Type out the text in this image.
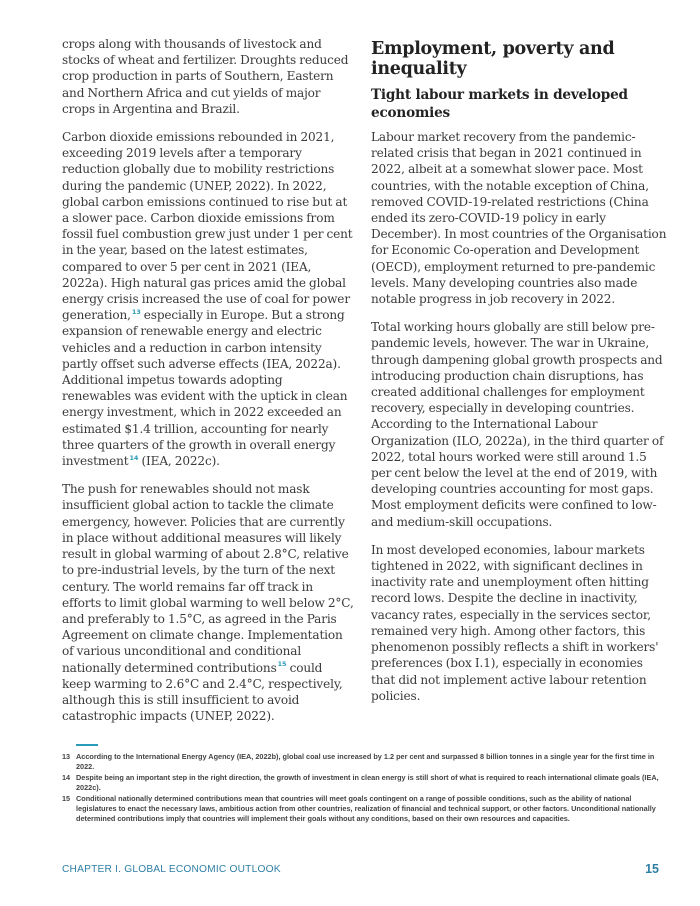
crops along with thousands of livestock and stocks of wheat and fertilizer. Droughts reduced crop production in parts of Southern, Eastern and Northern Africa and cut yields of major crops in Argentina and Brazil.

Carbon dioxide emissions rebounded in 2021, exceeding 2019 levels after a temporary reduction globally due to mobility restrictions during the pandemic (UNEP, 2022). In 2022, global carbon emissions continued to rise but at a slower pace. Carbon dioxide emissions from fossil fuel combustion grew just under 1 per cent in the year, based on the latest estimates, compared to over 5 per cent in 2021 (IEA, 2022a). High natural gas prices amid the global energy crisis increased the use of coal for power generation,$^{13}$ especially in Europe. But a strong expansion of renewable energy and electric vehicles and a reduction in carbon intensity partly offset such adverse effects (IEA, 2022a). Additional impetus towards adopting renewables was evident with the uptick in clean energy investment, which in 2022 exceeded an estimated $1.4 trillion, accounting for nearly three quarters of the growth in overall energy investment$^{14}$ (IEA, 2022c).

The push for renewables should not mask insufficient global action to tackle the climate emergency, however. Policies that are currently in place without additional measures will likely result in global warming of about 2.8°C, relative to pre-industrial levels, by the turn of the next century. The world remains far off track in efforts to limit global warming to well below 2°C, and preferably to 1.5°C, as agreed in the Paris Agreement on climate change. Implementation of various unconditional and conditional nationally determined contributions$^{15}$ could keep warming to 2.6°C and 2.4°C, respectively, although this is still insufficient to avoid catastrophic impacts (UNEP, 2022).

Employment, poverty and inequality
Tight labour markets in developed economies

Labour market recovery from the pandemic-related crisis that began in 2021 continued in 2022, albeit at a somewhat slower pace. Most countries, with the notable exception of China, removed COVID-19-related restrictions (China ended its zero-COVID-19 policy in early December). In most countries of the Organisation for Economic Co-operation and Development (OECD), employment returned to pre-pandemic levels. Many developing countries also made notable progress in job recovery in 2022.

Total working hours globally are still below pre-pandemic levels, however. The war in Ukraine, through dampening global growth prospects and introducing production chain disruptions, has created additional challenges for employment recovery, especially in developing countries. According to the International Labour Organization (ILO, 2022a), in the third quarter of 2022, total hours worked were still around 1.5 per cent below the level at the end of 2019, with developing countries accounting for most gaps. Most employment deficits were confined to low- and medium-skill occupations.

In most developed economies, labour markets tightened in 2022, with significant declines in inactivity rate and unemployment often hitting record lows. Despite the decline in inactivity, vacancy rates, especially in the services sector, remained very high. Among other factors, this phenomenon possibly reflects a shift in workers' preferences (box I.1), especially in economies that did not implement active labour retention policies.

13 According to the International Energy Agency (IEA, 2022b), global coal use increased by 1.2 per cent and surpassed 8 billion tonnes in a single year for the first time in 2022.
14 Despite being an important step in the right direction, the growth of investment in clean energy is still short of what is required to reach international climate goals (IEA, 2022c).
15 Conditional nationally determined contributions mean that countries will meet goals contingent on a range of possible conditions, such as the ability of national legislatures to enact the necessary laws, ambitious action from other countries, realization of financial and technical support, or other factors. Unconditional nationally determined contributions imply that countries will implement their goals without any conditions, based on their own resources and capacities.
CHAPTER I. GLOBAL ECONOMIC OUTLOOK	15
